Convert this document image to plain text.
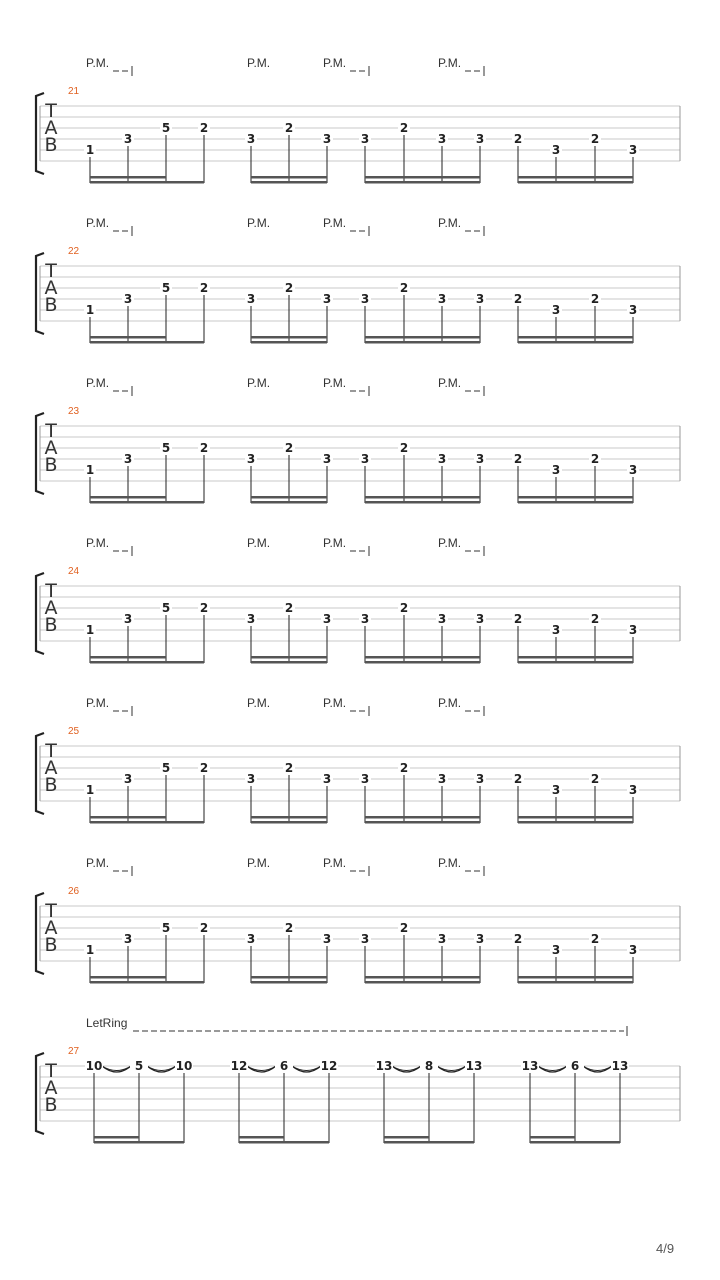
T
A
B
21
P.M.	P.M.	P.M.	P.M.
1
3
5 2
3
2
3 3
2
3 3 2
3
2
3
T
A
B
22
P.M.	P.M.	P.M.	P.M.
1
3
5 2
3
2
3 3
2
3 3 2
3
2
3
T
A
B
23
P.M.	P.M.	P.M.	P.M.
1
3
5 2
3
2
3 3
2
3 3 2
3
2
3
T
A
B
24
P.M.	P.M.	P.M.	P.M.
1
3
5 2
3
2
3 3
2
3 3 2
3
2
3
T
A
B
25
P.M.	P.M.	P.M.	P.M.
1
3
5 2
3
2
3 3
2
3 3 2
3
2
3
T
A
B
26
P.M.	P.M.	P.M.	P.M.
1
3
5 2
3
2
3 3
2
3 3 2
3
2
3
T
A
B
27
LetRing
10	5	10	12	6	12	13	8	13	13	6	13
4/9
